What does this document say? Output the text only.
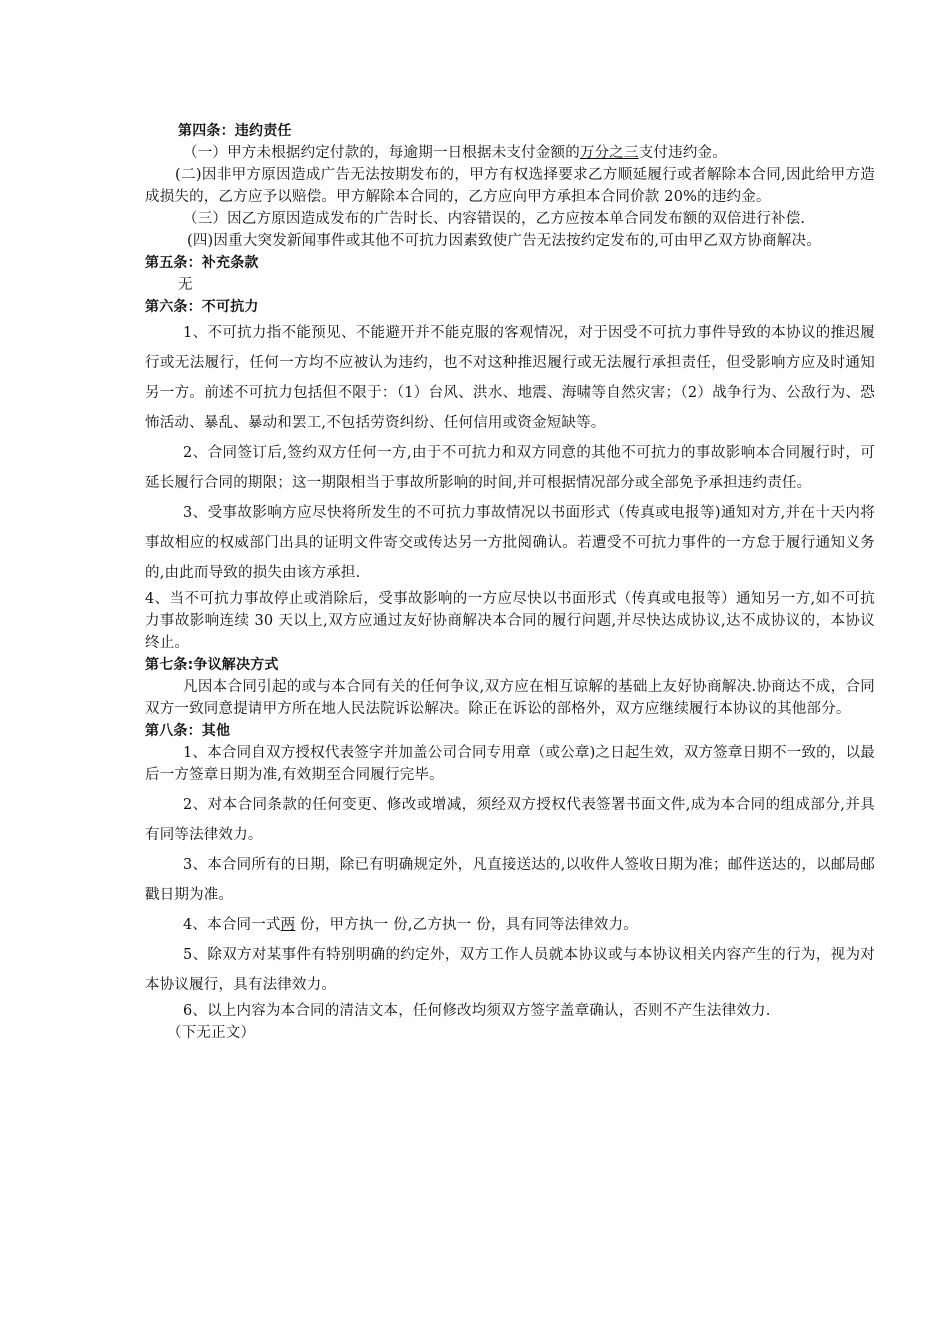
第四条：违约责任

（一）甲方未根据约定付款的，每逾期一日根据未支付金额的万分之三支付违约金。

(二)因非甲方原因造成广告无法按期发布的，甲方有权选择要求乙方顺延履行或者解除本合同,因此给甲方造成损失的，乙方应予以赔偿。甲方解除本合同的，乙方应向甲方承担本合同价款 20%的违约金。

（三）因乙方原因造成发布的广告时长、内容错误的，乙方应按本单合同发布额的双倍进行补偿.

(四)因重大突发新闻事件或其他不可抗力因素致使广告无法按约定发布的,可由甲乙双方协商解决。

第五条：补充条款

无

第六条：不可抗力

1、不可抗力指不能预见、不能避开并不能克服的客观情况，对于因受不可抗力事件导致的本协议的推迟履行或无法履行，任何一方均不应被认为违约，也不对这种推迟履行或无法履行承担责任，但受影响方应及时通知另一方。前述不可抗力包括但不限于：（1）台风、洪水、地震、海啸等自然灾害；（2）战争行为、公敌行为、恐怖活动、暴乱、暴动和罢工,不包括劳资纠纷、任何信用或资金短缺等。

2、合同签订后,签约双方任何一方,由于不可抗力和双方同意的其他不可抗力的事故影响本合同履行时，可延长履行合同的期限；这一期限相当于事故所影响的时间,并可根据情况部分或全部免予承担违约责任。

3、受事故影响方应尽快将所发生的不可抗力事故情况以书面形式（传真或电报等)通知对方,并在十天内将事故相应的权威部门出具的证明文件寄交或传达另一方批阅确认。若遭受不可抗力事件的一方怠于履行通知义务的,由此而导致的损失由该方承担.

4、当不可抗力事故停止或消除后，受事故影响的一方应尽快以书面形式（传真或电报等）通知另一方,如不可抗力事故影响连续 30 天以上,双方应通过友好协商解决本合同的履行问题,并尽快达成协议,达不成协议的，本协议终止。

第七条:争议解决方式

凡因本合同引起的或与本合同有关的任何争议,双方应在相互谅解的基础上友好协商解决.协商达不成，合同双方一致同意提请甲方所在地人民法院诉讼解决。除正在诉讼的部格外，双方应继续履行本协议的其他部分。

第八条：其他

1、本合同自双方授权代表签字并加盖公司合同专用章（或公章)之日起生效，双方签章日期不一致的，以最后一方签章日期为准,有效期至合同履行完毕。

2、对本合同条款的任何变更、修改或增减，须经双方授权代表签署书面文件,成为本合同的组成部分,并具有同等法律效力。

3、本合同所有的日期，除已有明确规定外，凡直接送达的,以收件人签收日期为准；邮件送达的，以邮局邮戳日期为准。

4、本合同一式两 份，甲方执一 份,乙方执一 份，具有同等法律效力。

5、除双方对某事件有特别明确的约定外，双方工作人员就本协议或与本协议相关内容产生的行为，视为对本协议履行，具有法律效力。

6、以上内容为本合同的清洁文本，任何修改均须双方签字盖章确认，否则不产生法律效力.

（下无正文）
